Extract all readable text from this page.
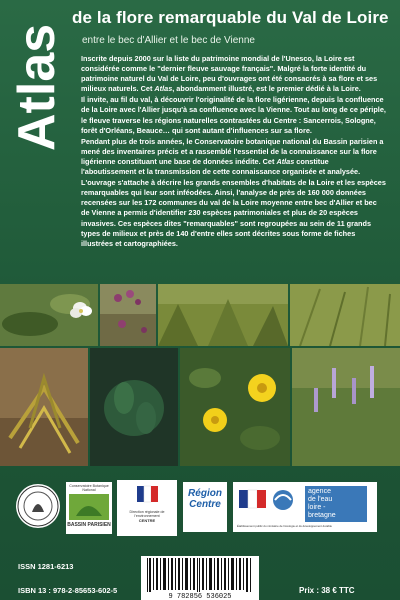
Atlas
de la flore remarquable du Val de Loire
entre le bec d'Allier et le bec de Vienne

Inscrite depuis 2000 sur la liste du patrimoine mondial de l'Unesco, la Loire est considérée comme le "dernier fleuve sauvage français". Malgré la forte identité du patrimoine naturel du Val de Loire, peu d'ouvrages ont été consacrés à sa flore et ses milieux naturels. Cet Atlas, abondamment illustré, est le premier dédié à la Loire.

Il invite, au fil du val, à découvrir l'originalité de la flore ligérienne, depuis la confluence de la Loire avec l'Allier jusqu'à sa confluence avec la Vienne. Tout au long de ce périple, le fleuve traverse les régions naturelles contrastées du Centre : Sancerrois, Sologne, forêt d'Orléans, Beauce… qui sont autant d'influences sur sa flore.

Pendant plus de trois années, le Conservatoire botanique national du Bassin parisien a mené des inventaires précis et a rassemblé l'essentiel de la connaissance sur la flore ligérienne constituant une base de données inédite. Cet Atlas constitue l'aboutissement et la transmission de cette connaissance organisée et analysée.

L'ouvrage s'attache à décrire les grands ensembles d'habitats de la Loire et les espèces remarquables qui leur sont inféodées. Ainsi, l'analyse de près de 160 000 données recensées sur les 172 communes du val de la Loire moyenne entre bec d'Allier et bec de Vienne a permis d'identifier 230 espèces patrimoniales et plus de 20 espèces invasives. Ces espèces dites "remarquables" sont regroupées au sein de 11 grands types de milieux et près de 140 d'entre elles sont décrites sous forme de fiches illustrées et cartographiées.

Conservatoire Botanique National
BASSIN PARISIEN
Direction régionale de l'environnement
CENTRE
Région
Centre
agence
de l'eau
loire -
bretagne
Établissement public du ministère de l'écologie et du développement durable
ISSN 1281-6213
ISBN 13 : 978-2-85653-602-5
9 782856 536025
Prix : 38 € TTC
